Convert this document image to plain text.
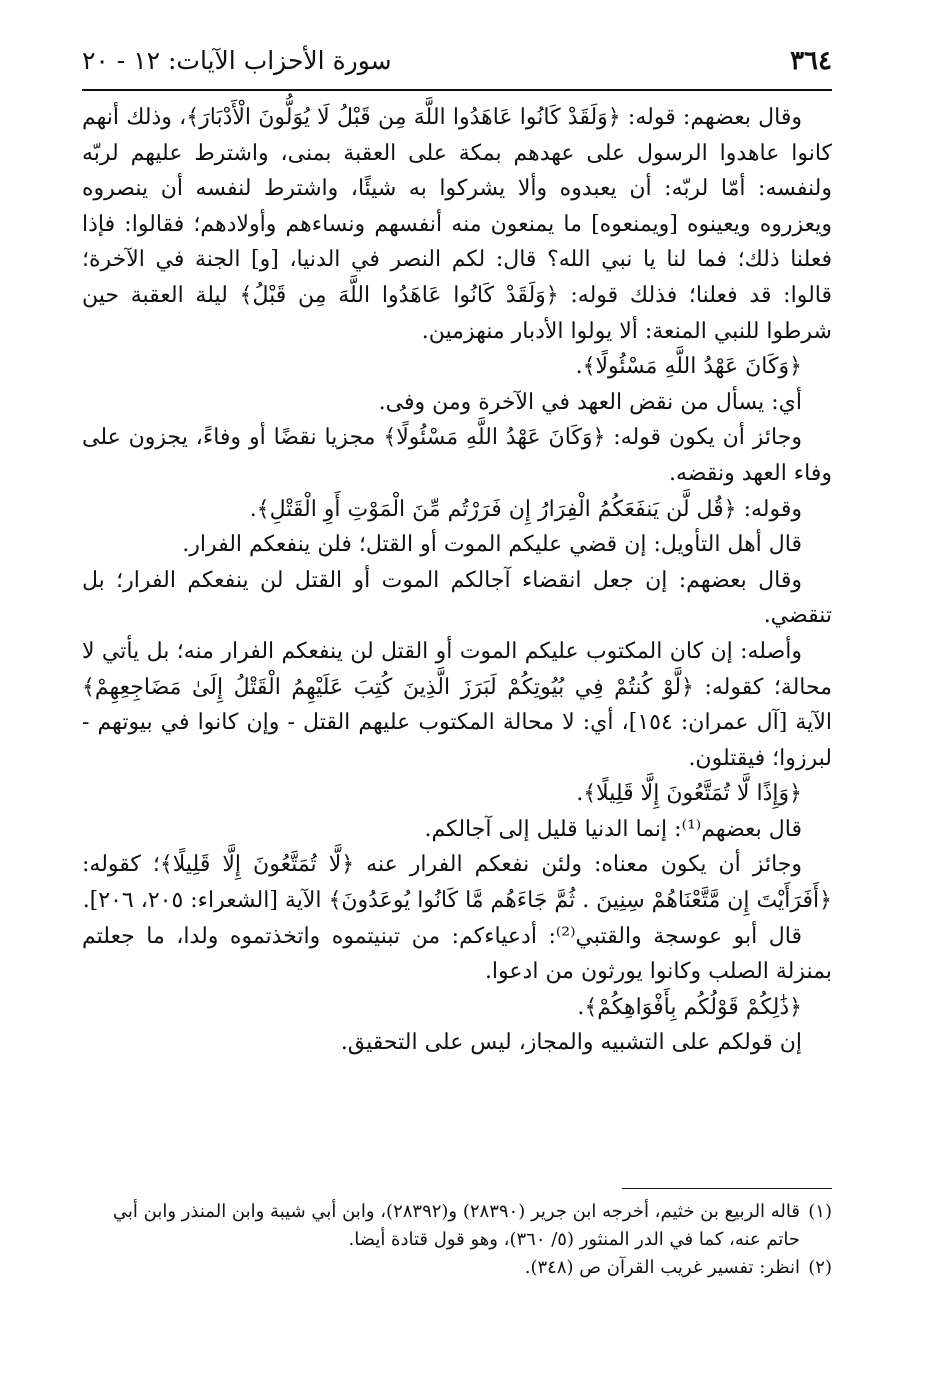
٣٦٤
سورة الأحزاب الآيات: ١٢ - ٢٠

وقال بعضهم: قوله: ﴿وَلَقَدْ كَانُوا عَاهَدُوا اللَّهَ مِن قَبْلُ لَا يُوَلُّونَ الْأَدْبَارَ﴾، وذلك أنهم كانوا عاهدوا الرسول على عهدهم بمكة على العقبة بمنى، واشترط عليهم لربّه ولنفسه: أمّا لربّه: أن يعبدوه وألا يشركوا به شيئًا، واشترط لنفسه أن ينصروه ويعزروه ويعينوه [ويمنعوه] ما يمنعون منه أنفسهم ونساءهم وأولادهم؛ فقالوا: فإذا فعلنا ذلك؛ فما لنا يا نبي الله؟ قال: لكم النصر في الدنيا، [و] الجنة في الآخرة؛ قالوا: قد فعلنا؛ فذلك قوله: ﴿وَلَقَدْ كَانُوا عَاهَدُوا اللَّهَ مِن قَبْلُ﴾ ليلة العقبة حين شرطوا للنبي المنعة: ألا يولوا الأدبار منهزمين.

﴿وَكَانَ عَهْدُ اللَّهِ مَسْئُولًا﴾.

أي: يسأل من نقض العهد في الآخرة ومن وفى.

وجائز أن يكون قوله: ﴿وَكَانَ عَهْدُ اللَّهِ مَسْئُولًا﴾ مجزيا نقضًا أو وفاءً، يجزون على وفاء العهد ونقضه.

وقوله: ﴿قُل لَّن يَنفَعَكُمُ الْفِرَارُ إِن فَرَرْتُم مِّنَ الْمَوْتِ أَوِ الْقَتْلِ﴾.

قال أهل التأويل: إن قضي عليكم الموت أو القتل؛ فلن ينفعكم الفرار.

وقال بعضهم: إن جعل انقضاء آجالكم الموت أو القتل لن ينفعكم الفرار؛ بل تنقضي.

وأصله: إن كان المكتوب عليكم الموت أو القتل لن ينفعكم الفرار منه؛ بل يأتي لا محالة؛ كقوله: ﴿لَّوْ كُنتُمْ فِي بُيُوتِكُمْ لَبَرَزَ الَّذِينَ كُتِبَ عَلَيْهِمُ الْقَتْلُ إِلَىٰ مَضَاجِعِهِمْ﴾ الآية [آل عمران: ١٥٤]، أي: لا محالة المكتوب عليهم القتل - وإن كانوا في بيوتهم - لبرزوا؛ فيقتلون.

﴿وَإِذًا لَّا تُمَتَّعُونَ إِلَّا قَلِيلًا﴾.

قال بعضهم⁽¹⁾: إنما الدنيا قليل إلى آجالكم.

وجائز أن يكون معناه: ولئن نفعكم الفرار عنه ﴿لَّا تُمَتَّعُونَ إِلَّا قَلِيلًا﴾؛ كقوله: ﴿أَفَرَأَيْتَ إِن مَّتَّعْنَاهُمْ سِنِينَ . ثُمَّ جَاءَهُم مَّا كَانُوا يُوعَدُونَ﴾ الآية [الشعراء: ٢٠٥، ٢٠٦].

قال أبو عوسجة والقتبي⁽²⁾: أدعياءكم: من تبنيتموه واتخذتموه ولدا، ما جعلتم بمنزلة الصلب وكانوا يورثون من ادعوا.

﴿ذَٰلِكُمْ قَوْلُكُم بِأَفْوَاهِكُمْ﴾.

إن قولكم على التشبيه والمجاز، ليس على التحقيق.

(١)قاله الربيع بن خثيم، أخرجه ابن جرير (٢٨٣٩٠) و(٢٨٣٩٢)، وابن أبي شيبة وابن المنذر وابن أبي

حاتم عنه، كما في الدر المنثور (٥/ ٣٦٠)، وهو قول قتادة أيضا.

(٢)انظر: تفسير غريب القرآن ص (٣٤٨).
